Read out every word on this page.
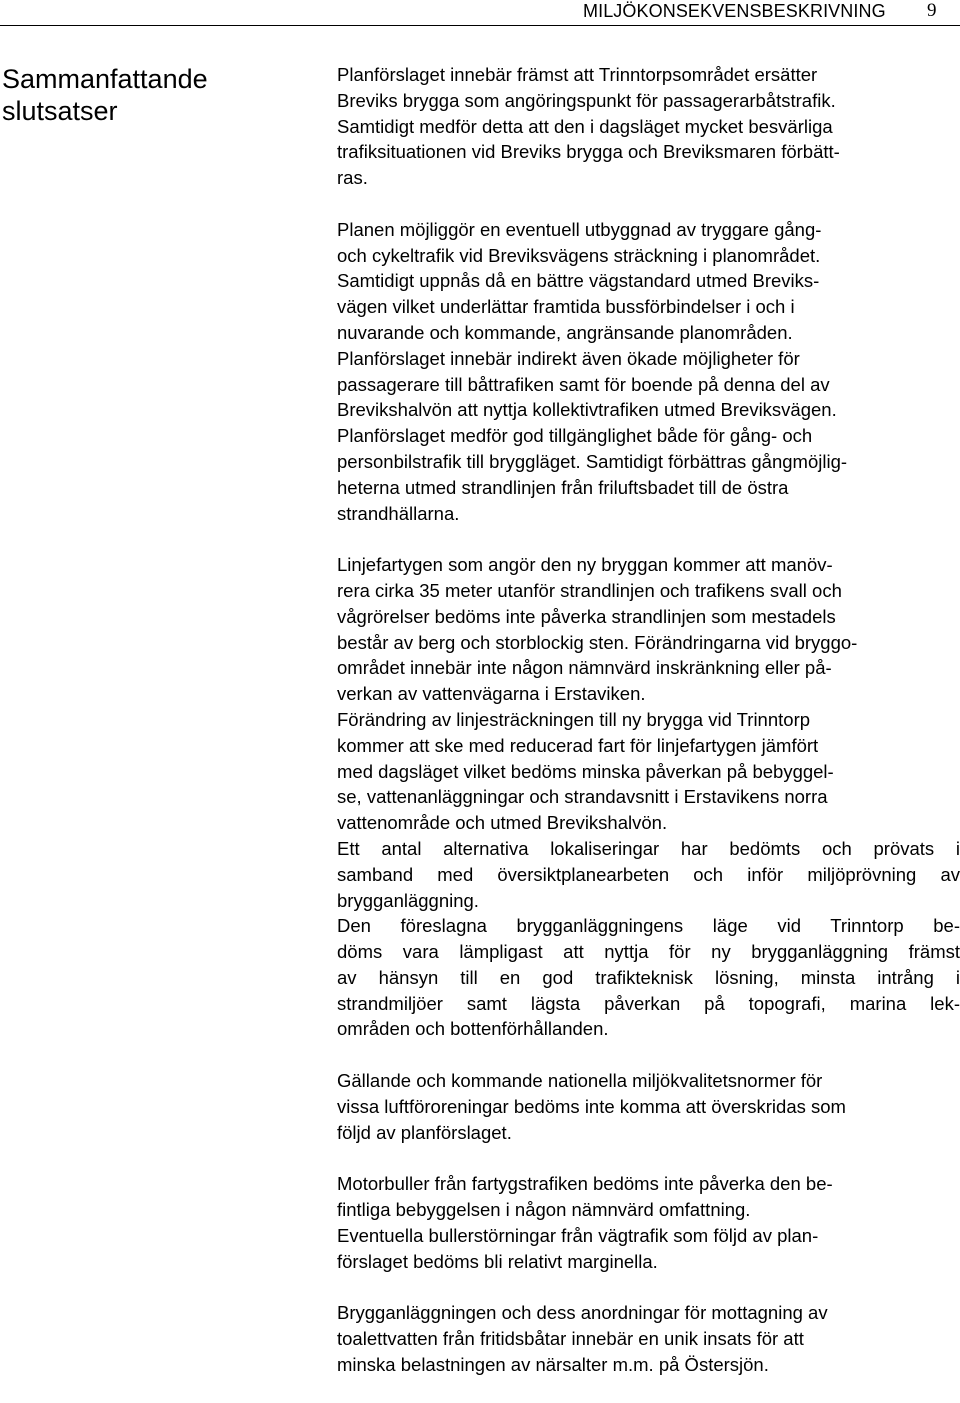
MILJÖKONSEKVENSBESKRIVNING 9
Sammanfattande
slutsatser

Planförslaget innebär främst att Trinntorpsområdet ersätter
Breviks brygga som angöringspunkt för passagerarbåtstrafik.
Samtidigt medför detta att den i dagsläget mycket besvärliga
trafiksituationen vid Breviks brygga och Breviksmaren förbätt-
ras.

Planen möjliggör en eventuell utbyggnad av tryggare gång-
och cykeltrafik vid Breviksvägens sträckning i planområdet.
Samtidigt uppnås då en bättre vägstandard utmed Breviks-
vägen vilket underlättar framtida bussförbindelser i och i
nuvarande och kommande, angränsande planområden.
Planförslaget innebär indirekt även ökade möjligheter för
passagerare till båttrafiken samt för boende på denna del av
Brevikshalvön att nyttja kollektivtrafiken utmed Breviksvägen.
Planförslaget medför god tillgänglighet både för gång- och
personbilstrafik till bryggläget. Samtidigt förbättras gångmöjlig-
heterna utmed strandlinjen från friluftsbadet till de östra
strandhällarna.

Linjefartygen som angör den ny bryggan kommer att manöv-
rera cirka 35 meter utanför strandlinjen och trafikens svall och
vågrörelser bedöms inte påverka strandlinjen som mestadels
består av berg och storblockig sten. Förändringarna vid bryggo-
området innebär inte någon nämnvärd inskränkning eller på-
verkan av vattenvägarna i Erstaviken.
Förändring av linjesträckningen till ny brygga vid Trinntorp
kommer att ske med reducerad fart för linjefartygen jämfört
med dagsläget vilket bedöms minska påverkan på bebyggel-
se, vattenanläggningar och strandavsnitt i Erstavikens norra
vattenområde och utmed Brevikshalvön.
Ett antal alternativa lokaliseringar har bedömts och prövats i
samband med översiktplanearbeten och inför miljöprövning av
brygganläggning.
Den föreslagna brygganläggningens läge vid Trinntorp be-
döms vara lämpligast att nyttja för ny brygganläggning främst
av hänsyn till en god trafikteknisk lösning, minsta intrång i
strandmiljöer samt lägsta påverkan på topografi, marina lek-
områden och bottenförhållanden.

Gällande och kommande nationella miljökvalitetsnormer för
vissa luftföroreningar bedöms inte komma att överskridas som
följd av planförslaget.

Motorbuller från fartygstrafiken bedöms inte påverka den be-
fintliga bebyggelsen i någon nämnvärd omfattning.
Eventuella bullerstörningar från vägtrafik som följd av plan-
förslaget bedöms bli relativt marginella.

Brygganläggningen och dess anordningar för mottagning av
toalettvatten från fritidsbåtar innebär en unik insats för att
minska belastningen av närsalter m.m. på Östersjön.
